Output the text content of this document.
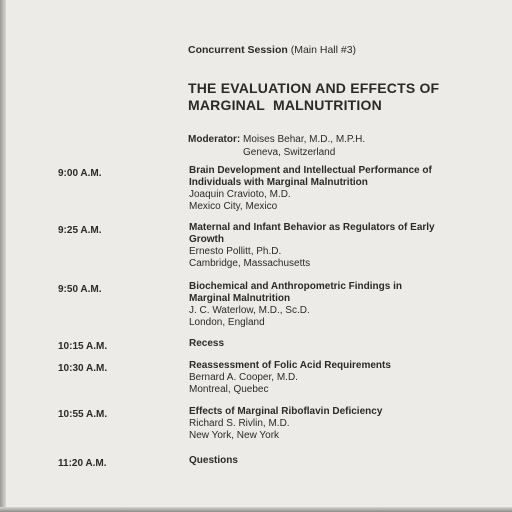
Concurrent Session (Main Hall #3)

THE EVALUATION AND EFFECTS OF
MARGINAL  MALNUTRITION
Moderator: Moises Behar, M.D., M.P.H.
Geneva, Switzerland
9:00 A.M.	Brain Development and Intellectual Performance of
Individuals with Marginal Malnutrition
Joaquin Cravioto, M.D.
Mexico City, Mexico
9:25 A.M.	Maternal and Infant Behavior as Regulators of Early
Growth
Ernesto Pollitt, Ph.D.
Cambridge, Massachusetts
9:50 A.M.	Biochemical and Anthropometric Findings in
Marginal Malnutrition
J. C. Waterlow, M.D., Sc.D.
London, England
10:15 A.M.	Recess
10:30 A.M.	Reassessment of Folic Acid Requirements
Bernard A. Cooper, M.D.
Montreal, Quebec
10:55 A.M.	Effects of Marginal Riboflavin Deficiency
Richard S. Rivlin, M.D.
New York, New York
11:20 A.M.	Questions
